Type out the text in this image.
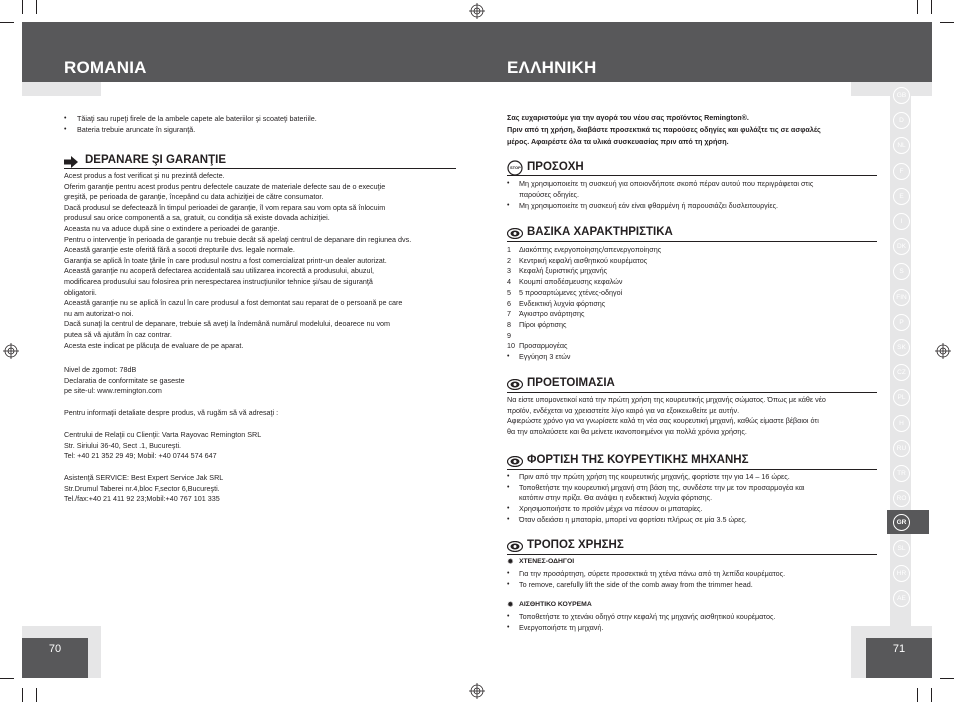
ROMANIA	ΕΛΛΗΝΙΚΗ
• Tăiaţi sau rupeţi firele de la ambele capete ale bateriilor şi scoateţi bateriile.
• Bateria trebuie aruncate în siguranţă.
DEPANARE ŞI GARANŢIE
Acest produs a fost verificat şi nu prezintă defecte.
Oferim garanţie pentru acest produs pentru defectele cauzate de materiale defecte sau de o execuţie
greşită, pe perioada de garanţie, începând cu data achiziţiei de către consumator.
Dacă produsul se defectează în timpul perioadei de garanţie, îl vom repara sau vom opta să înlocuim
produsul sau orice componentă a sa, gratuit, cu condiţia să existe dovada achiziţiei.
Aceasta nu va aduce după sine o extindere a perioadei de garanţie.
Pentru o intervenţie în perioada de garanţie nu trebuie decât să apelaţi centrul de depanare din regiunea dvs.
Această garanţie este oferită fără a socoti drepturile dvs. legale normale.
Garanţia se aplică în toate ţările în care produsul nostru a fost comercializat printr-un dealer autorizat.
Această garanţie nu acoperă defectarea accidentală sau utilizarea incorectă a produsului, abuzul,
modificarea produsului sau folosirea prin nerespectarea instrucţiunilor tehnice şi/sau de siguranţă
obligatorii.
Această garanţie nu se aplică în cazul în care produsul a fost demontat sau reparat de o persoană pe care
nu am autorizat-o noi.
Dacă sunaţi la centrul de depanare, trebuie să aveţi la îndemână numărul modelului, deoarece nu vom
putea să vă ajutăm în caz contrar.
Acesta este indicat pe plăcuţa de evaluare de pe aparat.
Nivel de zgomot: 78dB
Declaratia de conformitate se gaseste
pe site-ul: www.remington.com
Pentru informaţii detaliate despre produs, vă rugăm să vă adresaţi :
Centrului de Relaţii cu Clienţii: Varta Rayovac Remington SRL
Str. Siriului 36-40, Sect .1, Bucureşti.
Tel: +40 21 352 29 49; Mobil: +40 0744 574 647
Asistenţă SERVICE: Best Expert Service Jak SRL
Str.Drumul Taberei nr.4,bloc F,sector 6,Bucureşti.
Tel./fax:+40 21 411 92 23;Mobil:+40 767 101 335
Σας ευχαριστούμε για την αγορά του νέου σας προϊόντος Remington®.
Πριν από τη χρήση, διαβάστε προσεκτικά τις παρούσες οδηγίες και φυλάξτε τις σε ασφαλές
μέρος. Αφαιρέστε όλα τα υλικά συσκευασίας πριν από τη χρήση.
STOP ΠΡΟΣΟΧΗ
• Μη χρησιμοποιείτε τη συσκευή για οποιονδήποτε σκοπό πέραν αυτού που περιγράφεται στις
παρούσες οδηγίες.
• Μη χρησιμοποιείτε τη συσκευή εάν είναι φθαρμένη ή παρουσιάζει δυσλειτουργίες.
ΒΑΣΙΚΑ ΧΑΡΑΚΤΗΡΙΣΤΙΚΑ
1 Διακόπτης ενεργοποίησης/απενεργοποίησης
2 Κεντρική κεφαλή αισθητικού κουρέματος
3 Κεφαλή ξυριστικής μηχανής
4 Κουμπί αποδέσμευσης κεφαλών
5 5 προσαρτώμενες χτένες-οδηγοί
6 Ενδεικτική λυχνία φόρτισης
7 Άγκιστρο ανάρτησης
8 Πίροι φόρτισης
9
10 Προσαρμογέας
• Εγγύηση 3 ετών
ΠΡΟΕΤΟΙΜΑΣΙΑ
Να είστε υπομονετικοί κατά την πρώτη χρήση της κουρευτικής μηχανής σώματος. Όπως με κάθε νέο
προϊόν, ενδέχεται να χρειαστείτε λίγο καιρό για να εξοικειωθείτε με αυτήν.
Αφιερώστε χρόνο για να γνωρίσετε καλά τη νέα σας κουρευτική μηχανή, καθώς είμαστε βέβαιοι ότι
θα την απολαύσετε και θα μείνετε ικανοποιημένοι για πολλά χρόνια χρήσης.
ΦΟΡΤΙΣΗ ΤΗΣ ΚΟΥΡΕΥΤΙΚΗΣ ΜΗΧΑΝΗΣ
• Πριν από την πρώτη χρήση της κουρευτικής μηχανής, φορτίστε την για 14 – 16 ώρες.
• Τοποθετήστε την κουρευτική μηχανή στη βάση της, συνδέστε την με τον προσαρμογέα και
κατόπιν στην πρίζα. Θα ανάψει η ενδεικτική λυχνία φόρτισης.
• Χρησιμοποιήστε το προϊόν μέχρι να πέσουν οι μπαταρίες.
• Όταν αδειάσει η μπαταρία, μπορεί να φορτίσει πλήρως σε μία 3.5 ώρες.
ΤΡΟΠΟΣ ΧΡΗΣΗΣ
✹ ΧΤΕΝΕΣ-ΟΔΗΓΟΙ
• Για την προσάρτηση, σύρετε προσεκτικά τη χτένα πάνω από τη λεπίδα κουρέματος.
• To remove, carefully lift the side of the comb away from the trimmer head.
✹ ΑΙΣΘΗΤΙΚΟ ΚΟΥΡΕΜΑ
• Τοποθετήστε το χτενάκι οδηγό στην κεφαλή της μηχανής αισθητικού κουρέματος.
• Ενεργοποιήστε τη μηχανή.
GB
D
NL
F
E
I
DK
S
FIN
P
SK
CZ
PL
H
RU
TR
RO
GR
SL
HR
AE
70	71
